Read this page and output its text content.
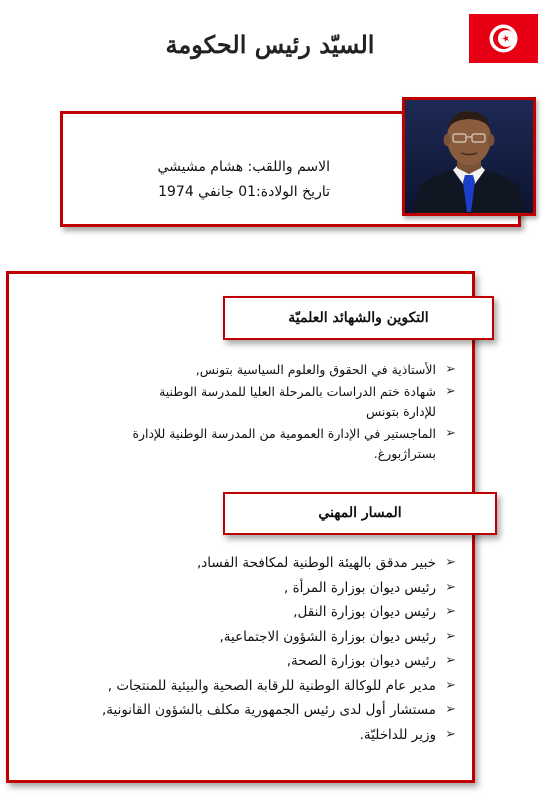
السيّد رئيس الحكومة
الاسم واللقب: هشام مشيشي
تاريخ الولادة:01 جانفي 1974
التكوين والشهائد العلميّة
➢
الأستاذية في الحقوق والعلوم السياسية بتونس,
➢
شهادة ختم الدراسات بالمرحلة العليا للمدرسة الوطنية للإدارة بتونس
➢
الماجستير في الإدارة العمومية من المدرسة الوطنية للإدارة بستراژبورغ.
المسار المهني
➢
خبير مدقق بالهيئة الوطنية لمكافحة الفساد,
➢
رئيس ديوان بوزارة المرأة ,
➢
رئيس ديوان بوزارة النقل,
➢
رئيس ديوان بوزارة الشؤون الاجتماعية,
➢
رئيس ديوان بوزارة الصحة,
➢
مدير عام للوكالة الوطنية للرقابة الصحية والبيئية للمنتجات ,
➢
مستشار أول لدى رئيس الجمهورية مكلف بالشؤون القانونية,
➢
وزير للداخليّة.
